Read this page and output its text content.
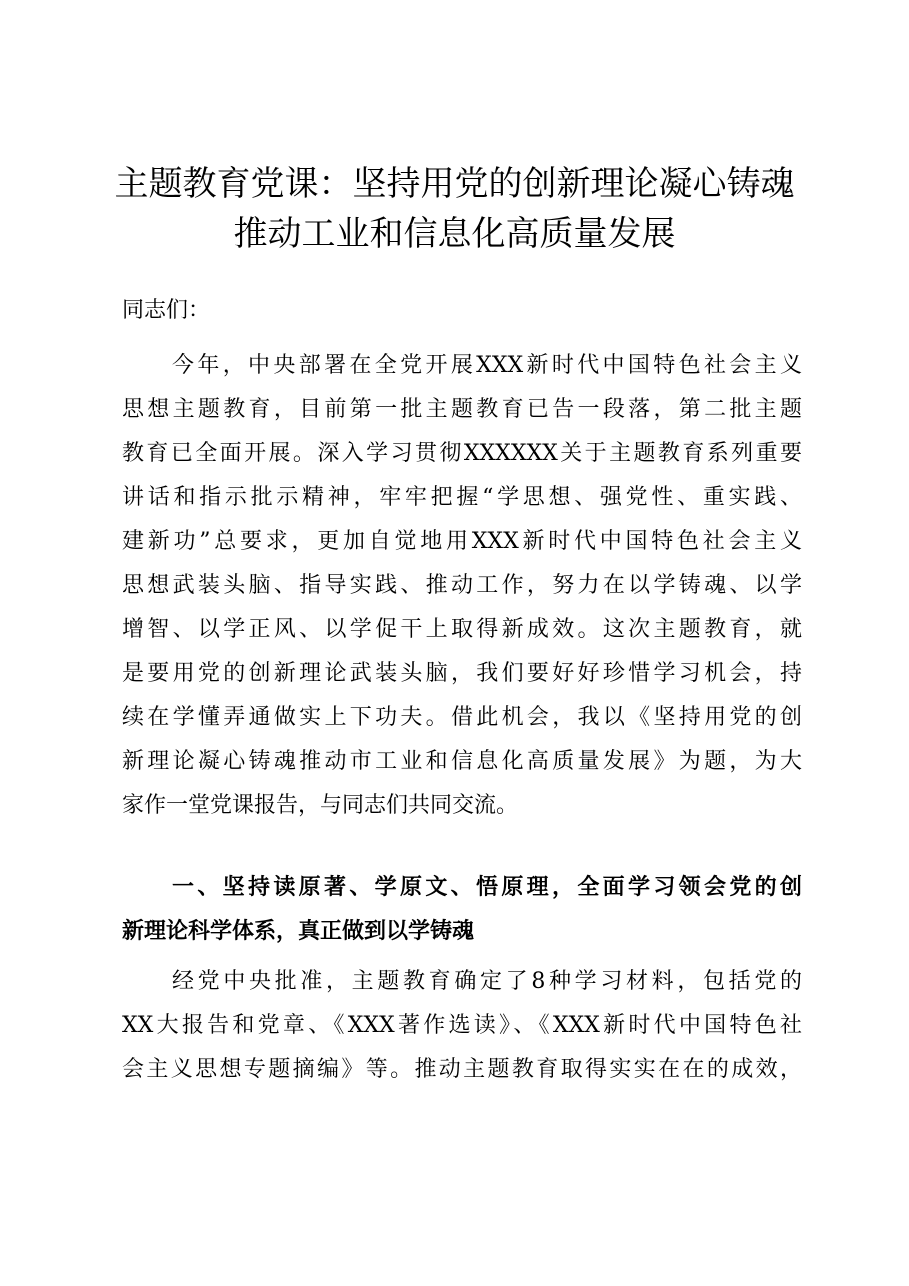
主题教育党课：坚持用党的创新理论凝心铸魂
推动工业和信息化高质量发展

同志们：

今年，中央部署在全党开展XXX新时代中国特色社会主义
思想主题教育，目前第一批主题教育已告一段落，第二批主题
教育已全面开展。深入学习贯彻XXXXXX关于主题教育系列重要
讲话和指示批示精神，牢牢把握“学思想、强党性、重实践、
建新功”总要求，更加自觉地用XXX新时代中国特色社会主义
思想武装头脑、指导实践、推动工作，努力在以学铸魂、以学
增智、以学正风、以学促干上取得新成效。这次主题教育，就
是要用党的创新理论武装头脑，我们要好好珍惜学习机会，持
续在学懂弄通做实上下功夫。借此机会，我以《坚持用党的创
新理论凝心铸魂推动市工业和信息化高质量发展》为题，为大
家作一堂党课报告，与同志们共同交流。
一、坚持读原著、学原文、悟原理，全面学习领会党的创
新理论科学体系，真正做到以学铸魂
经党中央批准，主题教育确定了8种学习材料，包括党的
XX大报告和党章、《XXX著作选读》、《XXX新时代中国特色社
会主义思想专题摘编》等。推动主题教育取得实实在在的成效，
